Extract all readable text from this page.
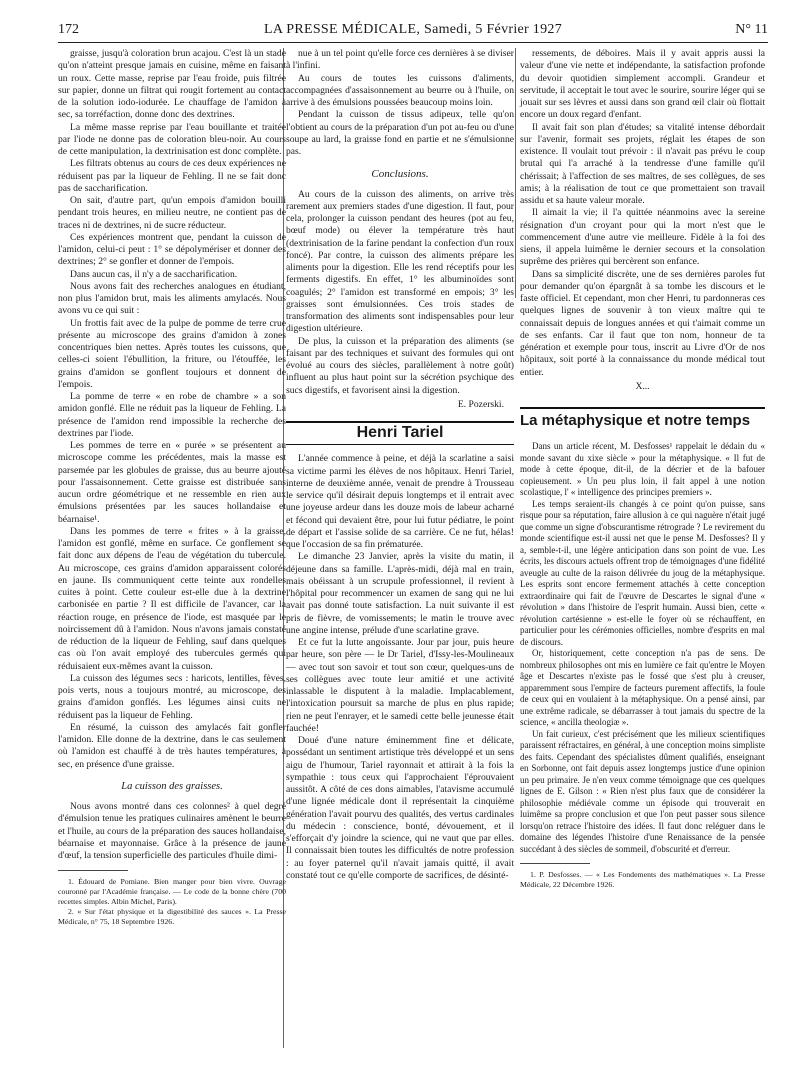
172	LA PRESSE MÉDICALE, Samedi, 5 Février 1927	N° 11

graisse, jusqu'à coloration brun acajou. C'est là un stade qu'on n'atteint presque jamais en cuisine, même en faisant un roux. Cette masse, reprise par l'eau froide, puis filtrée sur papier, donne un filtrat qui rougit fortement au contact de la solution iodo-iodurée. Le chauffage de l'amidon à sec, sa torréfaction, donne donc des dextrines.

La même masse reprise par l'eau bouillante et traitée par l'iode ne donne pas de coloration bleu-noir. Au cours de cette manipulation, la dextrinisation est donc complète.

Les filtrats obtenus au cours de ces deux expériences ne réduisent pas par la liqueur de Fehling. Il ne se fait donc pas de saccharification.

On sait, d'autre part, qu'un empois d'amidon bouilli pendant trois heures, en milieu neutre, ne contient pas de traces ni de dextrines, ni de sucre réducteur.

Ces expériences montrent que, pendant la cuisson de l'amidon, celui-ci peut : 1° se dépolymériser et donner des dextrines; 2° se gonfler et donner de l'empois.

Dans aucun cas, il n'y a de saccharification.

Nous avons fait des recherches analogues en étudiant, non plus l'amidon brut, mais les aliments amylacés. Nous avons vu ce qui suit :

Un frottis fait avec de la pulpe de pomme de terre crue présente au microscope des grains d'amidon à zones concentriques bien nettes. Après toutes les cuissons, que celles-ci soient l'ébullition, la friture, ou l'étouffée, les grains d'amidon se gonflent toujours et donnent de l'empois.

La pomme de terre « en robe de chambre » a son amidon gonflé. Elle ne réduit pas la liqueur de Fehling. La présence de l'amidon rend impossible la recherche des dextrines par l'iode.

Les pommes de terre en « purée » se présentent au microscope comme les précédentes, mais la masse est parsemée par les globules de graisse, dus au beurre ajouté pour l'assaisonnement. Cette graisse est distribuée sans aucun ordre géométrique et ne ressemble en rien aux émulsions présentées par les sauces hollandaise et béarnaise¹.

Dans les pommes de terre « frites » à la graisse, l'amidon est gonflé, même en surface. Ce gonflement se fait donc aux dépens de l'eau de végétation du tubercule. Au microscope, ces grains d'amidon apparaissent colorés en jaune. Ils communiquent cette teinte aux rondelles cuites à point. Cette couleur est-elle due à la dextrine carbonisée en partie ? Il est difficile de l'avancer, car la réaction rouge, en présence de l'iode, est masquée par le noircissement dû à l'amidon. Nous n'avons jamais constaté de réduction de la liqueur de Fehling, sauf dans quelques cas où l'on avait employé des tubercules germés qui réduisaient eux-mêmes avant la cuisson.

La cuisson des légumes secs : haricots, lentilles, fèves, pois verts, nous a toujours montré, au microscope, des grains d'amidon gonflés. Les légumes ainsi cuits ne réduisent pas la liqueur de Fehling.

En résumé, la cuisson des amylacés fait gonfler l'amidon. Elle donne de la dextrine, dans le cas seulement où l'amidon est chauffé à de très hautes températures, à sec, en présence d'une graisse.

La cuisson des graisses.

Nous avons montré dans ces colonnes² à quel degré d'émulsion tenue les pratiques culinaires amènent le beurre et l'huile, au cours de la préparation des sauces hollandaise, béarnaise et mayonnaise. Grâce à la présence de jaune d'œuf, la tension superficielle des particules d'huile dimi-

1. Édouard de Pomiane. Bien manger pour bien vivre. Ouvrage couronné par l'Académie française. — Le code de la bonne chère (700 recettes simples. Albin Michel, Paris).

2. « Sur l'état physique et la digestibilité des sauces ». La Presse Médicale, n° 75, 18 Septembre 1926.

nue à un tel point qu'elle force ces dernières à se diviser à l'infini.

Au cours de toutes les cuissons d'aliments, accompagnées d'assaisonnement au beurre ou à l'huile, on arrive à des émulsions poussées beaucoup moins loin.

Pendant la cuisson de tissus adipeux, telle qu'on l'obtient au cours de la préparation d'un pot au-feu ou d'une soupe au lard, la graisse fond en partie et ne s'émulsionne pas.

Conclusions.

Au cours de la cuisson des aliments, on arrive très rarement aux premiers stades d'une digestion. Il faut, pour cela, prolonger la cuisson pendant des heures (pot au feu, bœuf mode) ou élever la température très haut (dextrinisation de la farine pendant la confection d'un roux foncé). Par contre, la cuisson des aliments prépare les aliments pour la digestion. Elle les rend réceptifs pour les ferments digestifs. En effet, 1° les albuminoïdes sont coagulés; 2° l'amidon est transformé en empois; 3° les graisses sont émulsionnées. Ces trois stades de transformation des aliments sont indispensables pour leur digestion ultérieure.

De plus, la cuisson et la préparation des aliments (se faisant par des techniques et suivant des formules qui ont évolué au cours des siècles, parallèlement à notre goût) influent au plus haut point sur la sécrétion psychique des sucs digestifs, et favorisent ainsi la digestion.

E. Pozerski.

Henri Tariel

L'année commence à peine, et déjà la scarlatine a saisi sa victime parmi les élèves de nos hôpitaux. Henri Tariel, interne de deuxième année, venait de prendre à Trousseau le service qu'il désirait depuis longtemps et il entrait avec une joyeuse ardeur dans les douze mois de labeur acharné et fécond qui devaient être, pour lui futur pédiatre, le point de départ et l'assise solide de sa carrière. Ce ne fut, hélas! que l'occasion de sa fin prématurée.

Le dimanche 23 Janvier, après la visite du matin, il déjeune dans sa famille. L'après-midi, déjà mal en train, mais obéissant à un scrupule professionnel, il revient à l'hôpital pour recommencer un examen de sang qui ne lui avait pas donné toute satisfaction. La nuit suivante il est pris de fièvre, de vomissements; le matin le trouve avec une angine intense, prélude d'une scarlatine grave.

Et ce fut la lutte angoissante. Jour par jour, puis heure par heure, son père — le Dr Tariel, d'Issy-les-Moulineaux — avec tout son savoir et tout son cœur, quelques-uns de ses collègues avec toute leur amitié et une activité inlassable le disputent à la maladie. Implacablement, l'intoxication poursuit sa marche de plus en plus rapide; rien ne peut l'enrayer, et le samedi cette belle jeunesse était fauchée!

Doué d'une nature éminemment fine et délicate, possédant un sentiment artistique très développé et un sens aigu de l'humour, Tariel rayonnait et attirait à la fois la sympathie : tous ceux qui l'approchaient l'éprouvaient aussitôt. A côté de ces dons aimables, l'atavisme accumulé d'une lignée médicale dont il représentait la cinquième génération l'avait pourvu des qualités, des vertus cardinales du médecin : conscience, bonté, dévouement, et il s'efforçait d'y joindre la science, qui ne vaut que par elles. Il connaissait bien toutes les difficultés de notre profession : au foyer paternel qu'il n'avait jamais quitté, il avait constaté tout ce qu'elle comporte de sacrifices, de désinté-

ressements, de déboires. Mais il y avait appris aussi la valeur d'une vie nette et indépendante, la satisfaction profonde du devoir quotidien simplement accompli. Grandeur et servitude, il acceptait le tout avec le sourire, sourire léger qui se jouait sur ses lèvres et aussi dans son grand œil clair où flottait encore un doux regard d'enfant.

Il avait fait son plan d'études; sa vitalité intense débordait sur l'avenir, formait ses projets, réglait les étapes de son existence. Il voulait tout prévoir : il n'avait pas prévu le coup brutal qui l'a arraché à la tendresse d'une famille qu'il chérissait; à l'affection de ses maîtres, de ses collègues, de ses amis; à la réalisation de tout ce que promettaient son travail assidu et sa haute valeur morale.

Il aimait la vie; il l'a quittée néanmoins avec la sereine résignation d'un croyant pour qui la mort n'est que le commencement d'une autre vie meilleure. Fidèle à la foi des siens, il appela luimême le dernier secours et la consolation suprême des prières qui bercèrent son enfance.

Dans sa simplicité discrète, une de ses dernières paroles fut pour demander qu'on épargnât à sa tombe les discours et le faste officiel. Et cependant, mon cher Henri, tu pardonneras ces quelques lignes de souvenir à ton vieux maître qui te connaissait depuis de longues années et qui t'aimait comme un de ses enfants. Car il faut que ton nom, honneur de ta génération et exemple pour tous, inscrit au Livre d'Or de nos hôpitaux, soit porté à la connaissance du monde médical tout entier.

X...
La métaphysique et notre temps

Dans un article récent, M. Desfosses¹ rappelait le dédain du « monde savant du xixe siècle » pour la métaphysique. « Il fut de mode à cette époque, dit-il, de la décrier et de la bafouer copieusement. » Un peu plus loin, il fait appel à une notion scolastique, l' « intelligence des principes premiers ».

Les temps seraient-ils changés à ce point qu'on puisse, sans risque pour sa réputation, faire allusion à ce qui naguère n'était jugé que comme un signe d'obscurantisme rétrograde ? Le revirement du monde scientifique est-il aussi net que le pense M. Desfosses? Il y a, semble-t-il, une légère anticipation dans son point de vue. Les écrits, les discours actuels offrent trop de témoignages d'une fidélité aveugle au culte de la raison délivrée du joug de la métaphysique. Les esprits sont encore fermement attachés à cette conception extraordinaire qui fait de l'œuvre de Descartes le signal d'une « révolution » dans l'histoire de l'esprit humain. Aussi bien, cette « révolution cartésienne » est-elle le foyer où se réchauffent, en particulier pour les cérémonies officielles, nombre d'esprits en mal de discours.

Or, historiquement, cette conception n'a pas de sens. De nombreux philosophes ont mis en lumière ce fait qu'entre le Moyen âge et Descartes n'existe pas le fossé que s'est plu à creuser, apparemment sous l'empire de facteurs purement affectifs, la foule de ceux qui en voulaient à la métaphysique. On a pensé ainsi, par une extrême radicale, se débarrasser à tout jamais du spectre de la science, « ancilla theologiæ ».

Un fait curieux, c'est précisément que les milieux scientifiques paraissent réfractaires, en général, à une conception moins simpliste des faits. Cependant des spécialistes dûment qualifiés, enseignant en Sorbonne, ont fait depuis assez longtemps justice d'une opinion un peu primaire. Je n'en veux comme témoignage que ces quelques lignes de E. Gilson : « Rien n'est plus faux que de considérer la philosophie médiévale comme un épisode qui trouverait en luimême sa propre conclusion et que l'on peut passer sous silence lorsqu'on retrace l'histoire des idées. Il faut donc reléguer dans le domaine des légendes l'histoire d'une Renaissance de la pensée succédant à des siècles de sommeil, d'obscurité et d'erreur.

1. P. Desfosses. — « Les Fondements des mathématiques ». La Presse Médicale, 22 Décembre 1926.
